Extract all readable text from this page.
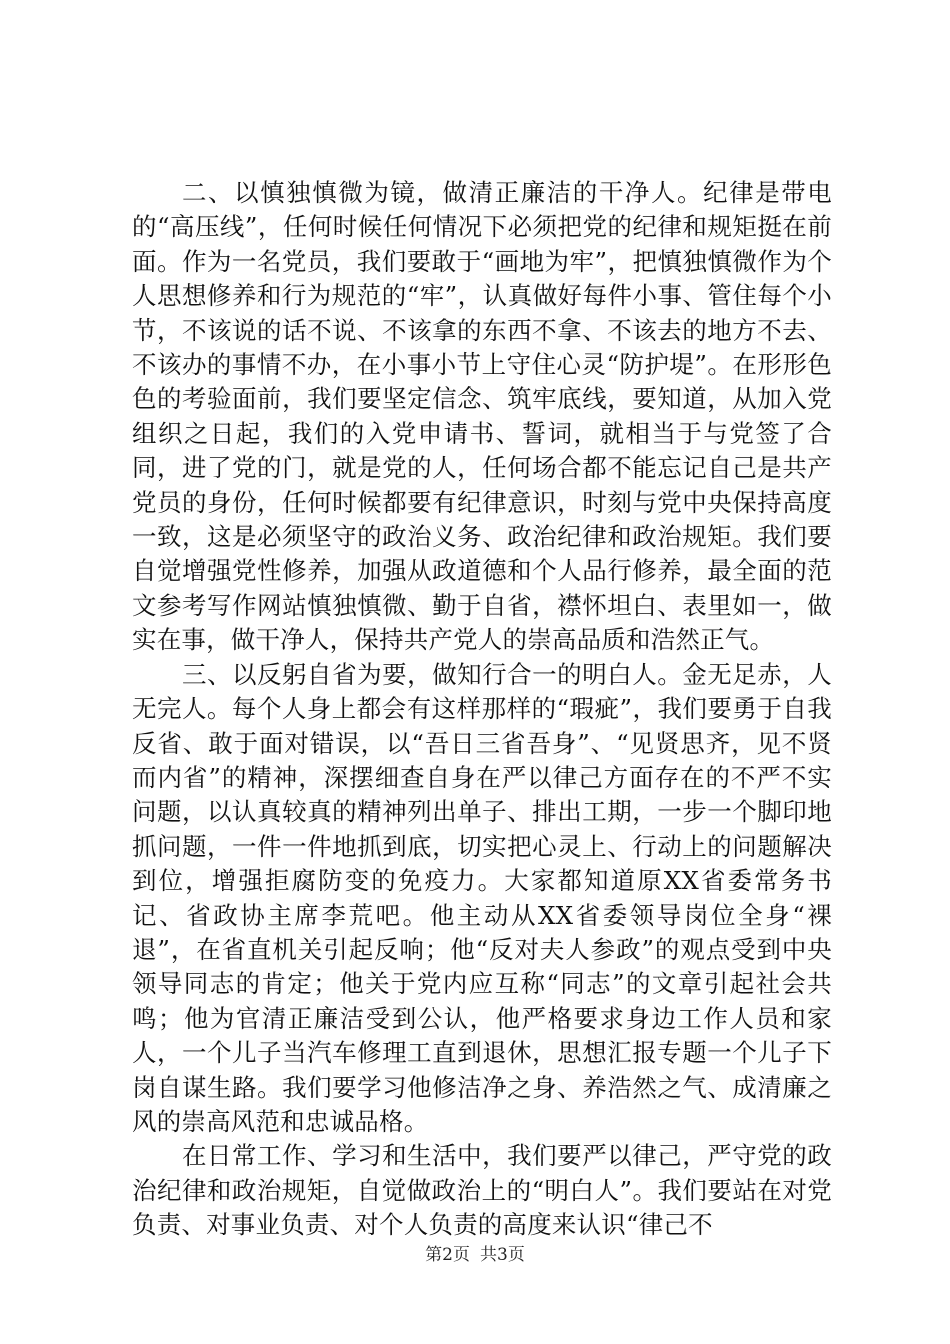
二、以慎独慎微为镜，做清正廉洁的干净人。纪律是带电的“高压线”，任何时候任何情况下必须把党的纪律和规矩挺在前面。作为一名党员，我们要敢于“画地为牢”，把慎独慎微作为个人思想修养和行为规范的“牢”，认真做好每件小事、管住每个小节，不该说的话不说、不该拿的东西不拿、不该去的地方不去、不该办的事情不办，在小事小节上守住心灵“防护堤”。在形形色色的考验面前，我们要坚定信念、筑牢底线，要知道，从加入党组织之日起，我们的入党申请书、誓词，就相当于与党签了合同，进了党的门，就是党的人，任何场合都不能忘记自己是共产党员的身份，任何时候都要有纪律意识，时刻与党中央保持高度一致，这是必须坚守的政治义务、政治纪律和政治规矩。我们要自觉增强党性修养，加强从政道德和个人品行修养，最全面的范文参考写作网站慎独慎微、勤于自省，襟怀坦白、表里如一，做实在事，做干净人，保持共产党人的崇高品质和浩然正气。

三、以反躬自省为要，做知行合一的明白人。金无足赤，人无完人。每个人身上都会有这样那样的“瑕疵”，我们要勇于自我反省、敢于面对错误，以“吾日三省吾身”、“见贤思齐，见不贤而内省”的精神，深摆细查自身在严以律己方面存在的不严不实问题，以认真较真的精神列出单子、排出工期，一步一个脚印地抓问题，一件一件地抓到底，切实把心灵上、行动上的问题解决到位，增强拒腐防变的免疫力。大家都知道原XX省委常务书记、省政协主席李荒吧。他主动从XX省委领导岗位全身“裸退”，在省直机关引起反响；他“反对夫人参政”的观点受到中央领导同志的肯定；他关于党内应互称“同志”的文章引起社会共鸣；他为官清正廉洁受到公认，他严格要求身边工作人员和家人，一个儿子当汽车修理工直到退休，思想汇报专题一个儿子下岗自谋生路。我们要学习他修洁净之身、养浩然之气、成清廉之风的崇高风范和忠诚品格。

在日常工作、学习和生活中，我们要严以律己，严守党的政治纪律和政治规矩，自觉做政治上的“明白人”。我们要站在对党负责、对事业负责、对个人负责的高度来认识“律己不

第2页 共3页
